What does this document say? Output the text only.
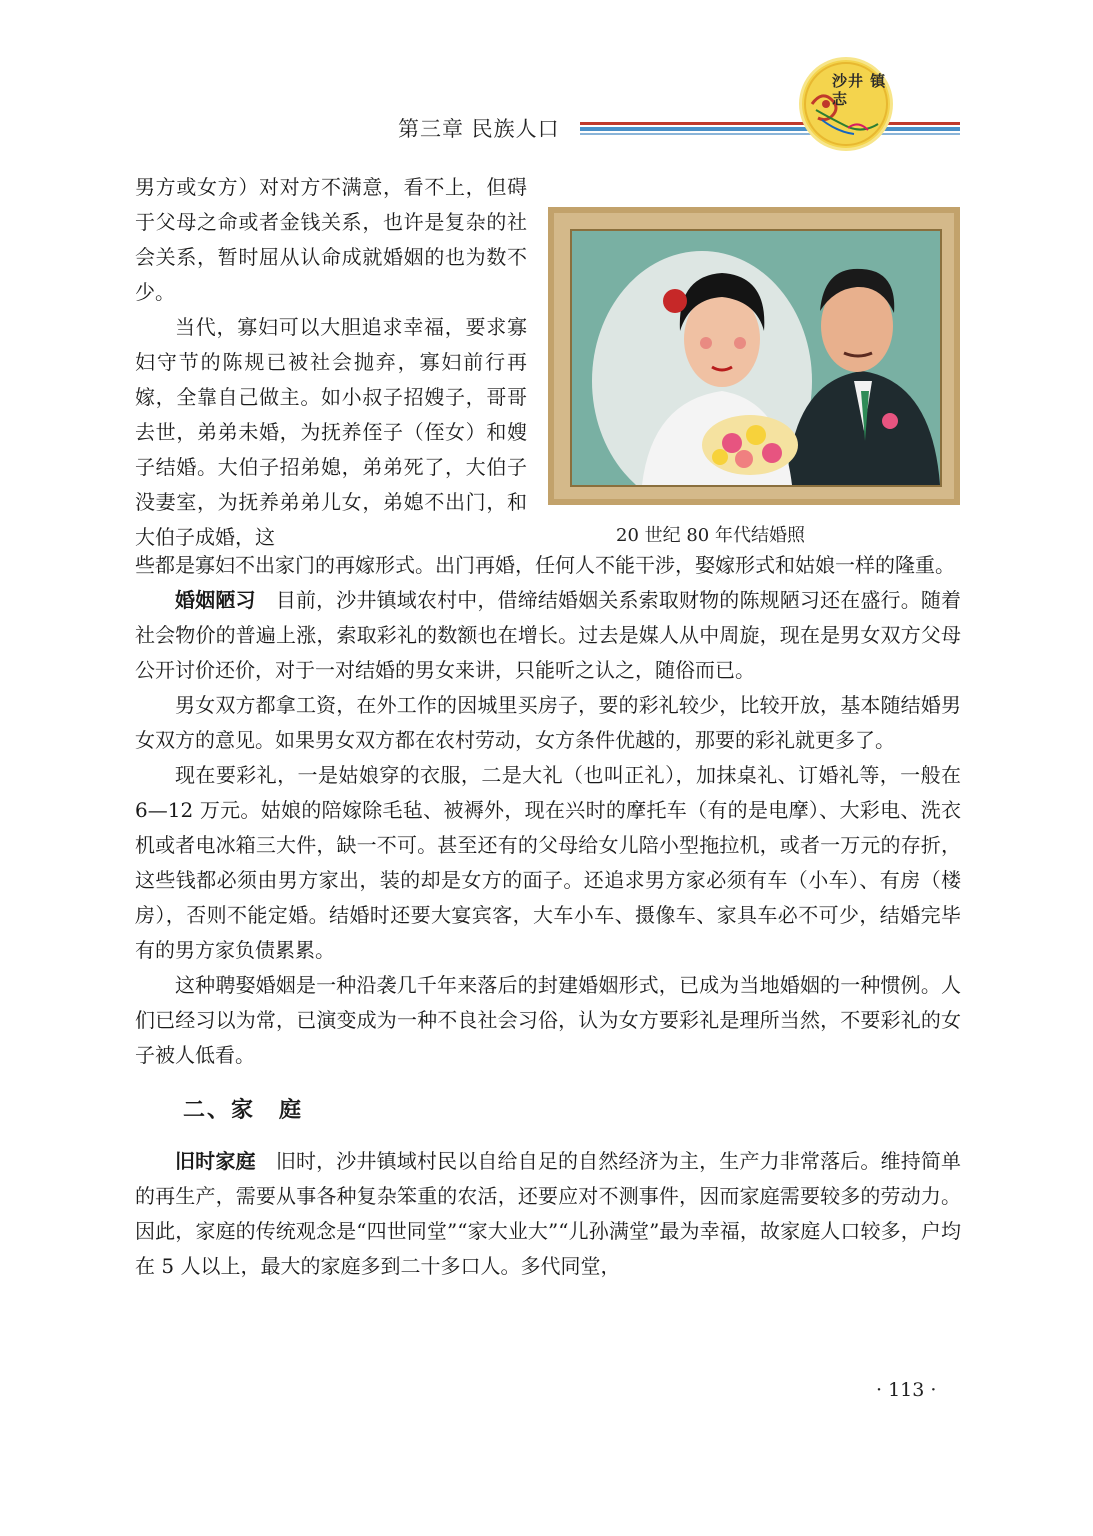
第三章 民族人口
沙井 镇志

男方或女方）对对方不满意，看不上，但碍于父母之命或者金钱关系，也许是复杂的社会关系，暂时屈从认命成就婚姻的也为数不少。

当代，寡妇可以大胆追求幸福，要求寡妇守节的陈规已被社会抛弃，寡妇前行再嫁，全靠自己做主。如小叔子招嫂子，哥哥去世，弟弟未婚，为抚养侄子（侄女）和嫂子结婚。大伯子招弟媳，弟弟死了，大伯子没妻室，为抚养弟弟儿女，弟媳不出门，和大伯子成婚，这	20 世纪 80 年代结婚照

些都是寡妇不出家门的再嫁形式。出门再婚，任何人不能干涉，娶嫁形式和姑娘一样的隆重。

婚姻陋习　 目前，沙井镇域农村中，借缔结婚姻关系索取财物的陈规陋习还在盛行。随着社会物价的普遍上涨，索取彩礼的数额也在增长。过去是媒人从中周旋，现在是男女双方父母公开讨价还价，对于一对结婚的男女来讲，只能听之认之，随俗而已。

男女双方都拿工资，在外工作的因城里买房子，要的彩礼较少，比较开放，基本随结婚男女双方的意见。如果男女双方都在农村劳动，女方条件优越的，那要的彩礼就更多了。

现在要彩礼，一是姑娘穿的衣服，二是大礼（也叫正礼），加抹桌礼、订婚礼等，一般在 6—12 万元。姑娘的陪嫁除毛毡、被褥外，现在兴时的摩托车（有的是电摩）、大彩电、洗衣机或者电冰箱三大件，缺一不可。甚至还有的父母给女儿陪小型拖拉机，或者一万元的存折，这些钱都必须由男方家出，装的却是女方的面子。还追求男方家必须有车（小车）、有房（楼房），否则不能定婚。结婚时还要大宴宾客，大车小车、摄像车、家具车必不可少，结婚完毕有的男方家负债累累。

这种聘娶婚姻是一种沿袭几千年来落后的封建婚姻形式，已成为当地婚姻的一种惯例。人们已经习以为常，已演变成为一种不良社会习俗，认为女方要彩礼是理所当然，不要彩礼的女子被人低看。

二、家　庭

旧时家庭　 旧时，沙井镇域村民以自给自足的自然经济为主，生产力非常落后。维持简单的再生产，需要从事各种复杂笨重的农活，还要应对不测事件，因而家庭需要较多的劳动力。因此，家庭的传统观念是“四世同堂”“家大业大”“儿孙满堂”最为幸福，故家庭人口较多，户均在 5 人以上，最大的家庭多到二十多口人。多代同堂，

· 113 ·
